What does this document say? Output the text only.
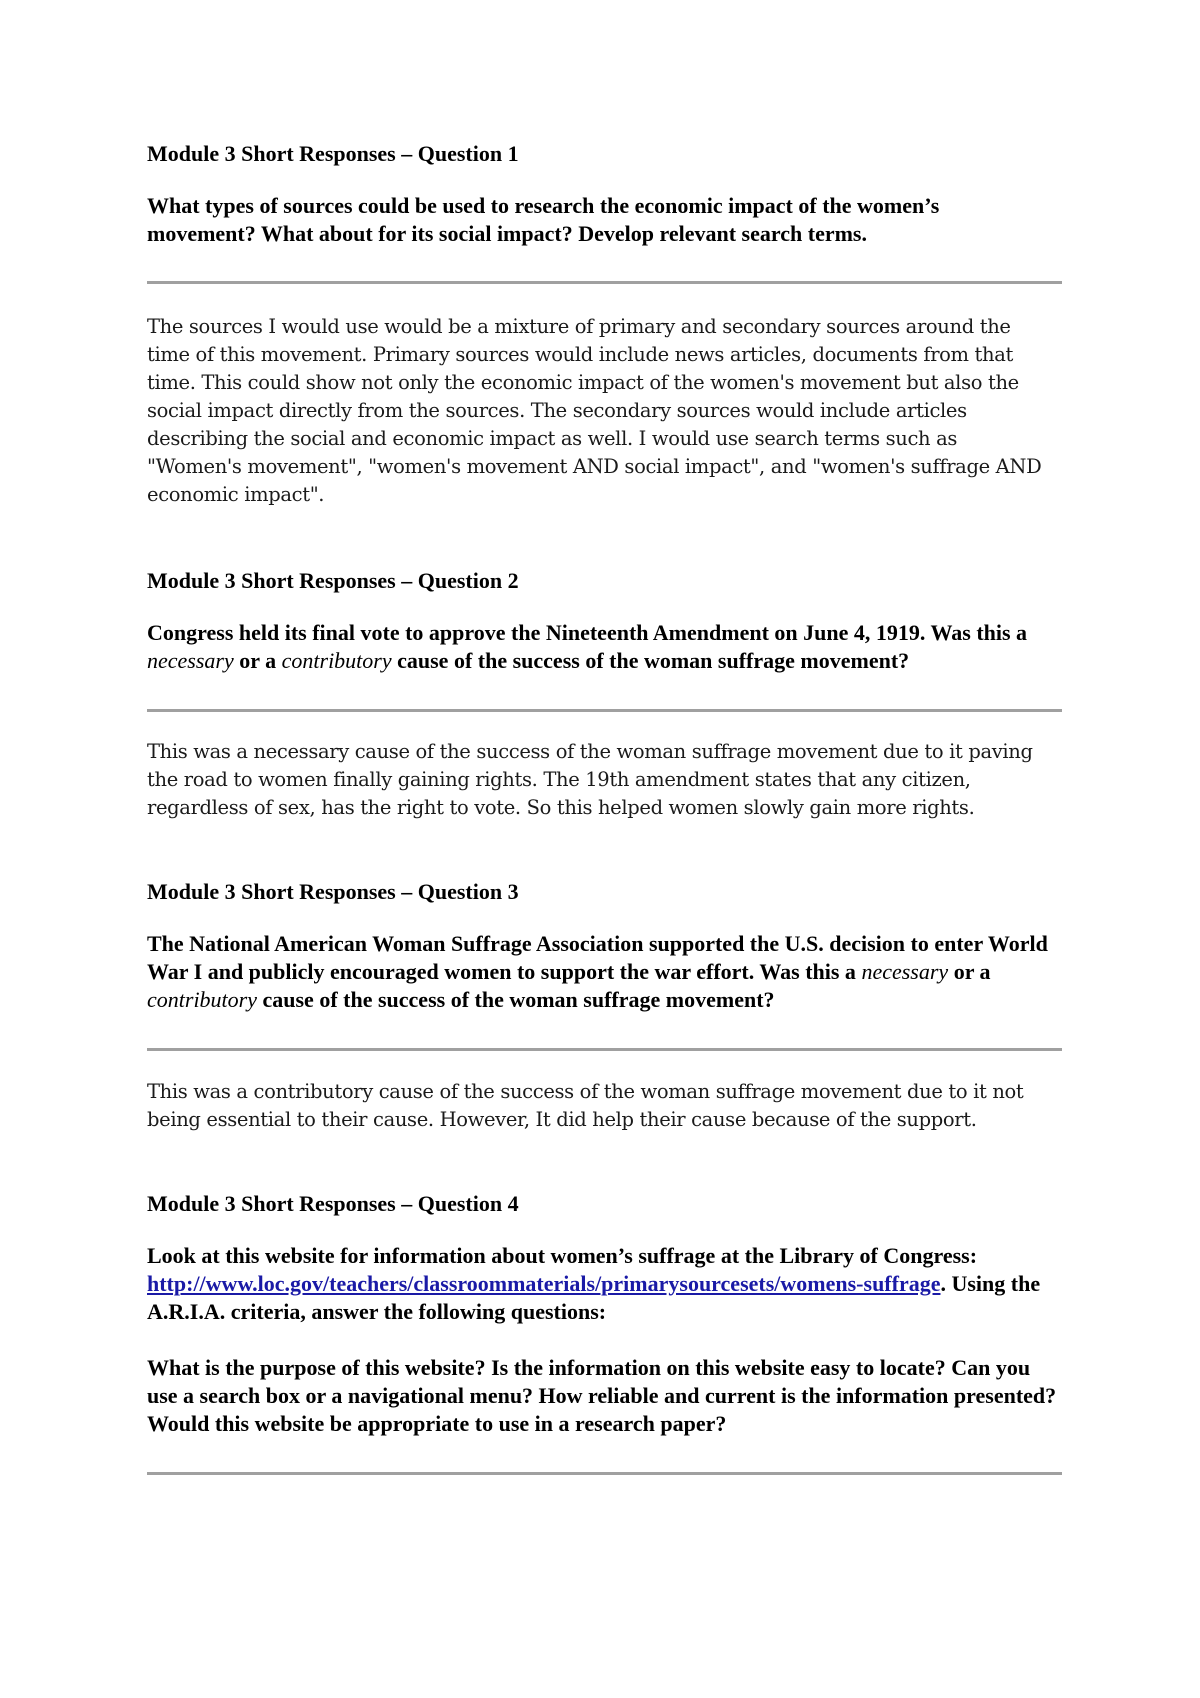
Module 3 Short Responses – Question 1

What types of sources could be used to research the economic impact of the women’s movement? What about for its social impact? Develop relevant search terms.

The sources I would use would be a mixture of primary and secondary sources around the time of this movement. Primary sources would include news articles, documents from that time. This could show not only the economic impact of the women's movement but also the social impact directly from the sources. The secondary sources would include articles describing the social and economic impact as well. I would use search terms such as "Women's movement", "women's movement AND social impact", and "women's suffrage AND economic impact".

Module 3 Short Responses – Question 2

Congress held its final vote to approve the Nineteenth Amendment on June 4, 1919. Was this a necessary or a contributory cause of the success of the woman suffrage movement?

This was a necessary cause of the success of the woman suffrage movement due to it paving the road to women finally gaining rights. The 19th amendment states that any citizen, regardless of sex, has the right to vote. So this helped women slowly gain more rights.

Module 3 Short Responses – Question 3

The National American Woman Suffrage Association supported the U.S. decision to enter World War I and publicly encouraged women to support the war effort. Was this a necessary or a contributory cause of the success of the woman suffrage movement?

This was a contributory cause of the success of the woman suffrage movement due to it not being essential to their cause. However, It did help their cause because of the support.

Module 3 Short Responses – Question 4

Look at this website for information about women’s suffrage at the Library of Congress: http://www.loc.gov/teachers/classroommaterials/primarysourcesets/womens-suffrage. Using the A.R.I.A. criteria, answer the following questions:

What is the purpose of this website? Is the information on this website easy to locate? Can you use a search box or a navigational menu? How reliable and current is the information presented? Would this website be appropriate to use in a research paper?
